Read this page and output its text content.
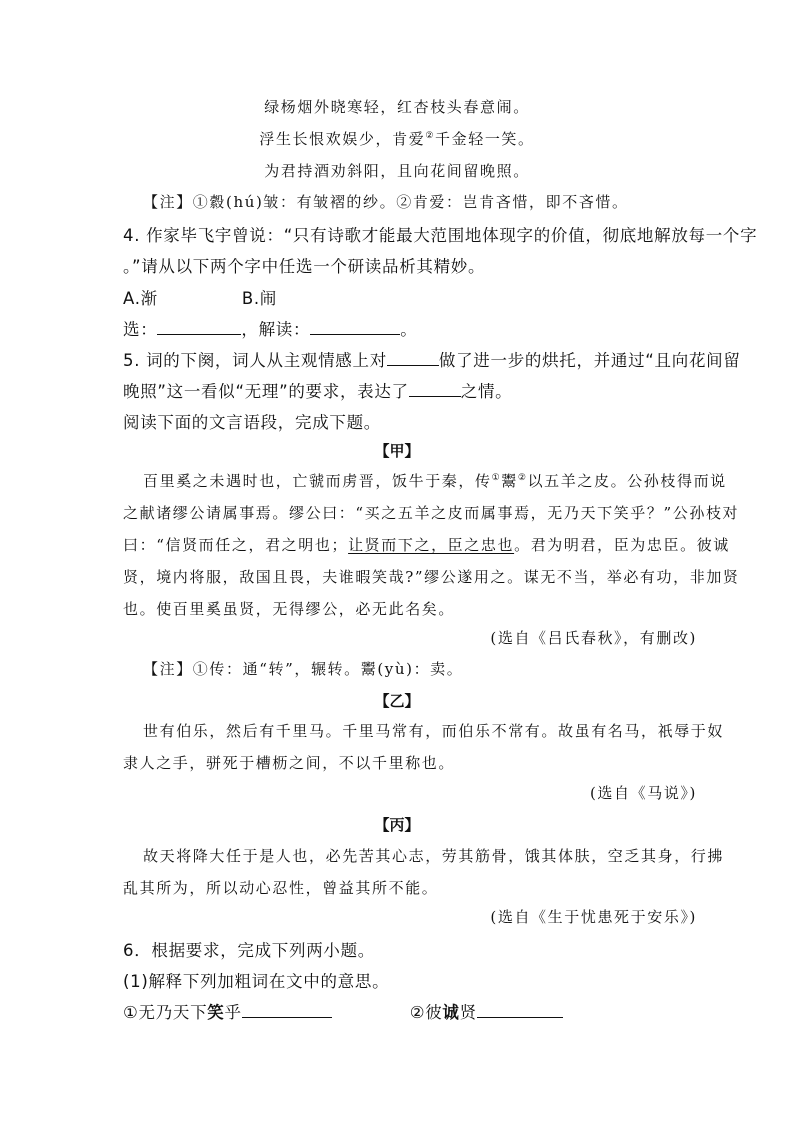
绿杨烟外晓寒轻，红杏枝头春意闹。
浮生长恨欢娱少，肯爱②千金轻一笑。
为君持酒劝斜阳，且向花间留晚照。
【注】①縠(hú)皱：有皱褶的纱。②肯爱：岂肯吝惜，即不吝惜。
4. 作家毕飞宇曾说：“只有诗歌才能最大范围地体现字的价值，彻底地解放每一个字
。”请从以下两个字中任选一个研读品析其精妙。
A.渐	B.闹
选：	，解读：	。
5. 词的下阕，词人从主观情感上对	做了进一步的烘托，并通过“且向花间留
晚照”这一看似“无理”的要求，表达了	之情。
阅读下面的文言语段，完成下题。
【甲】
百里奚之未遇时也，亡虢而虏晋，饭牛于秦，传①鬻②以五羊之皮。公孙枝得而说
之献诸缪公请属事焉。缪公曰：“买之五羊之皮而属事焉，无乃天下笑乎？”公孙枝对
曰：“信贤而任之，君之明也；让贤而下之，臣之忠也。君为明君，臣为忠臣。彼诚
贤，境内将服，敌国且畏，夫谁暇笑哉?”缪公遂用之。谋无不当，举必有功，非加贤
也。使百里奚虽贤，无得缪公，必无此名矣。
(选自《吕氏春秋》，有删改)
【注】①传：通“转”，辗转。鬻(yù)：卖。
【乙】
世有伯乐，然后有千里马。千里马常有，而伯乐不常有。故虽有名马，祇辱于奴
隶人之手，骈死于槽枥之间，不以千里称也。
(选自《马说》)
【丙】
故天将降大任于是人也，必先苦其心志，劳其筋骨，饿其体肤，空乏其身，行拂
乱其所为，所以动心忍性，曾益其所不能。
(选自《生于忧患死于安乐》)
6．根据要求，完成下列两小题。
(1)解释下列加粗词在文中的意思。
①无乃天下笑乎	②彼诚贤
